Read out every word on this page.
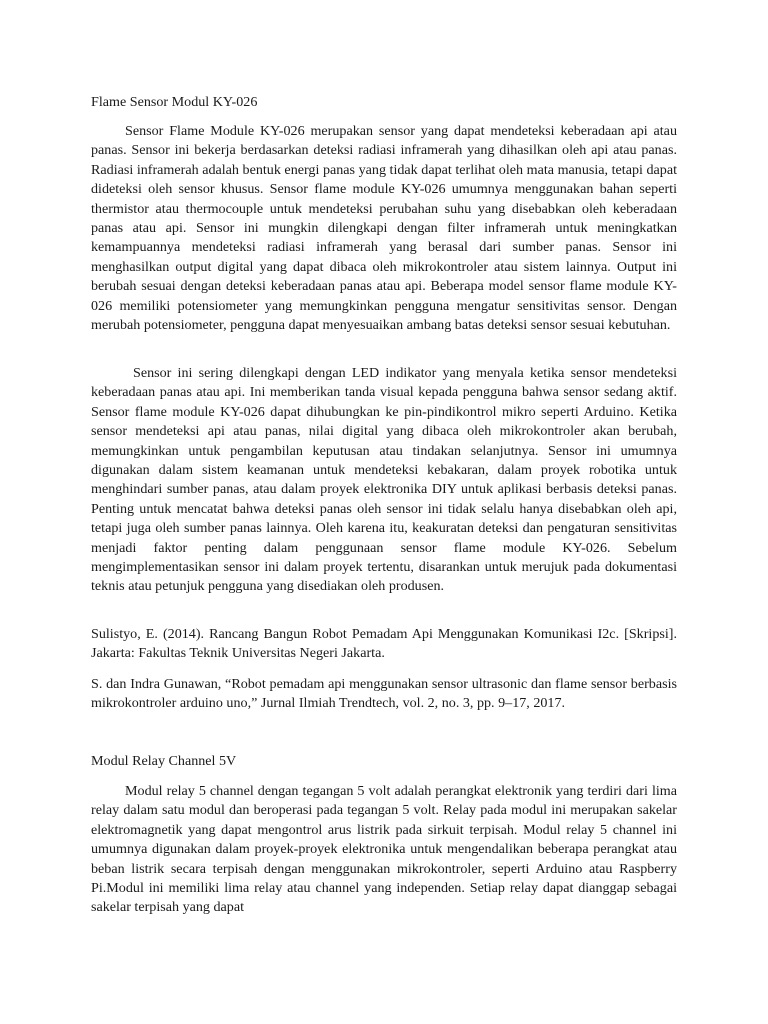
Flame Sensor Modul KY-026

Sensor Flame Module KY-026 merupakan sensor yang dapat mendeteksi keberadaan api atau panas. Sensor ini bekerja berdasarkan deteksi radiasi inframerah yang dihasilkan oleh api atau panas. Radiasi inframerah adalah bentuk energi panas yang tidak dapat terlihat oleh mata manusia, tetapi dapat dideteksi oleh sensor khusus. Sensor flame module KY-026 umumnya menggunakan bahan seperti thermistor atau thermocouple untuk mendeteksi perubahan suhu yang disebabkan oleh keberadaan panas atau api. Sensor ini mungkin dilengkapi dengan filter inframerah untuk meningkatkan kemampuannya mendeteksi radiasi inframerah yang berasal dari sumber panas. Sensor ini menghasilkan output digital yang dapat dibaca oleh mikrokontroler atau sistem lainnya. Output ini berubah sesuai dengan deteksi keberadaan panas atau api. Beberapa model sensor flame module KY-026 memiliki potensiometer yang memungkinkan pengguna mengatur sensitivitas sensor. Dengan merubah potensiometer, pengguna dapat menyesuaikan ambang batas deteksi sensor sesuai kebutuhan.

Sensor ini sering dilengkapi dengan LED indikator yang menyala ketika sensor mendeteksi keberadaan panas atau api. Ini memberikan tanda visual kepada pengguna bahwa sensor sedang aktif. Sensor flame module KY-026 dapat dihubungkan ke pin-pindikontrol mikro seperti Arduino. Ketika sensor mendeteksi api atau panas, nilai digital yang dibaca oleh mikrokontroler akan berubah, memungkinkan untuk pengambilan keputusan atau tindakan selanjutnya. Sensor ini umumnya digunakan dalam sistem keamanan untuk mendeteksi kebakaran, dalam proyek robotika untuk menghindari sumber panas, atau dalam proyek elektronika DIY untuk aplikasi berbasis deteksi panas. Penting untuk mencatat bahwa deteksi panas oleh sensor ini tidak selalu hanya disebabkan oleh api, tetapi juga oleh sumber panas lainnya. Oleh karena itu, keakuratan deteksi dan pengaturan sensitivitas menjadi faktor penting dalam penggunaan sensor flame module KY-026. Sebelum mengimplementasikan sensor ini dalam proyek tertentu, disarankan untuk merujuk pada dokumentasi teknis atau petunjuk pengguna yang disediakan oleh produsen.

Sulistyo, E. (2014). Rancang Bangun Robot Pemadam Api Menggunakan Komunikasi I2c. [Skripsi]. Jakarta: Fakultas Teknik Universitas Negeri Jakarta.

S. dan Indra Gunawan, “Robot pemadam api menggunakan sensor ultrasonic dan flame sensor berbasis mikrokontroler arduino uno,” Jurnal Ilmiah Trendtech, vol. 2, no. 3, pp. 9–17, 2017.

Modul Relay Channel 5V

Modul relay 5 channel dengan tegangan 5 volt adalah perangkat elektronik yang terdiri dari lima relay dalam satu modul dan beroperasi pada tegangan 5 volt. Relay pada modul ini merupakan sakelar elektromagnetik yang dapat mengontrol arus listrik pada sirkuit terpisah. Modul relay 5 channel ini umumnya digunakan dalam proyek-proyek elektronika untuk mengendalikan beberapa perangkat atau beban listrik secara terpisah dengan menggunakan mikrokontroler, seperti Arduino atau Raspberry Pi.Modul ini memiliki lima relay atau channel yang independen. Setiap relay dapat dianggap sebagai sakelar terpisah yang dapat
